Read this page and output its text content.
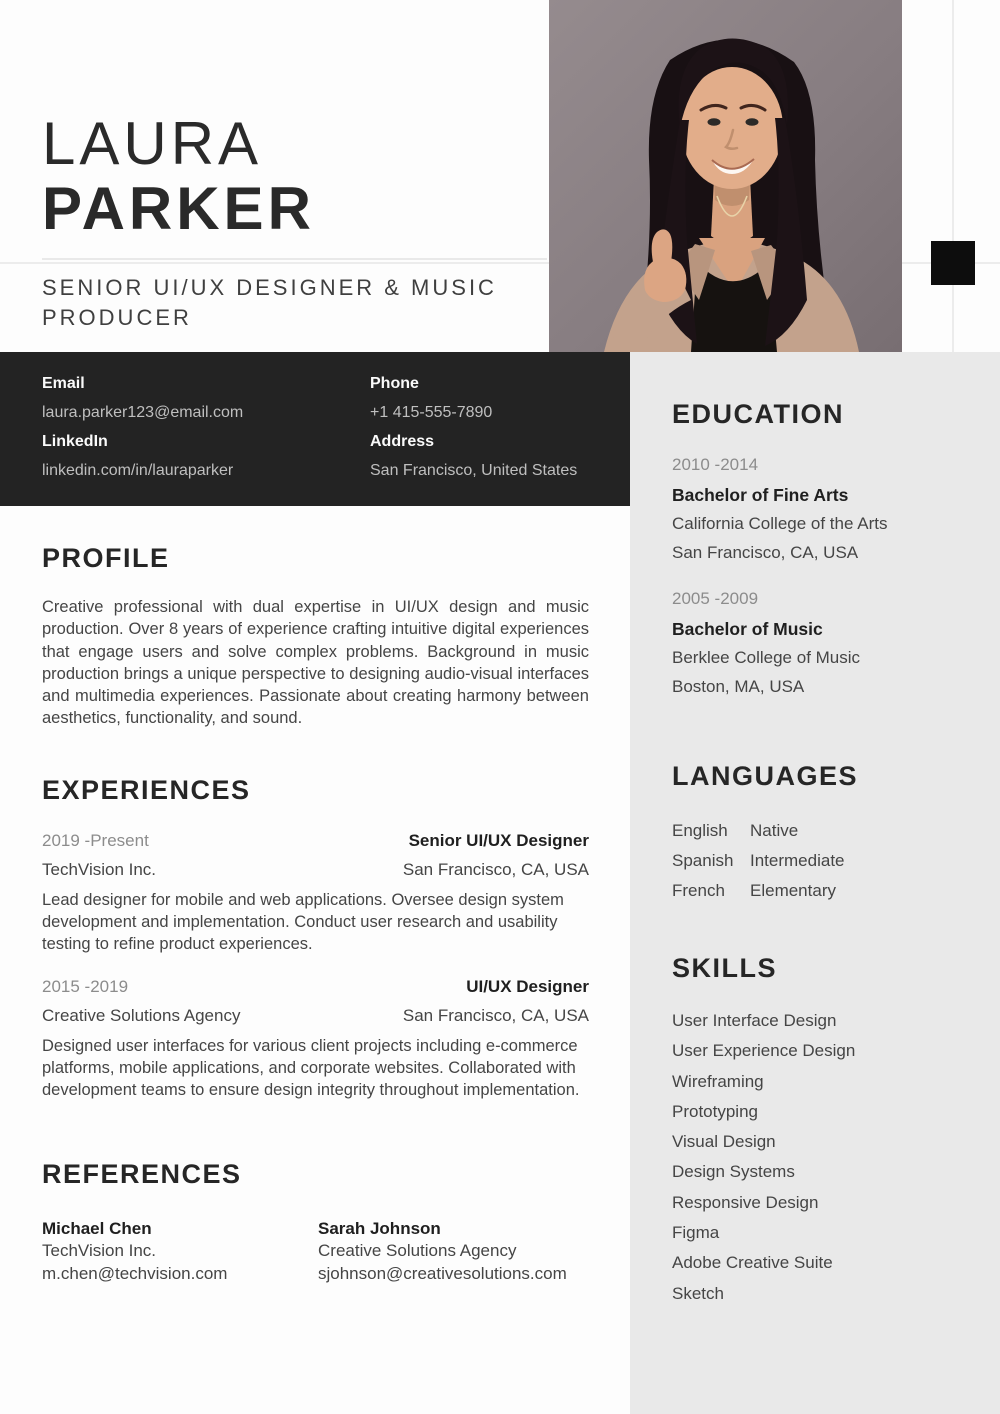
LAURA
PARKER
SENIOR UI/UX DESIGNER & MUSIC PRODUCER
Email
laura.parker123@email.com
Phone
+1 415-555-7890
LinkedIn
linkedin.com/in/lauraparker
Address
San Francisco, United States
PROFILE

Creative professional with dual expertise in UI/UX design and music production. Over 8 years of experience crafting intuitive digital experiences that engage users and solve complex problems. Background in music production brings a unique perspective to designing audio-visual interfaces and multimedia experiences. Passionate about creating harmony between aesthetics, functionality, and sound.

EXPERIENCES
2019 -Present	Senior UI/UX Designer
TechVision Inc.	San Francisco, CA, USA

Lead designer for mobile and web applications. Oversee design system development and implementation. Conduct user research and usability testing to refine product experiences.

2015 -2019	UI/UX Designer
Creative Solutions Agency	San Francisco, CA, USA

Designed user interfaces for various client projects including e-commerce platforms, mobile applications, and corporate websites. Collaborated with development teams to ensure design integrity throughout implementation.

REFERENCES
Michael Chen
TechVision Inc.
m.chen@techvision.com
Sarah Johnson
Creative Solutions Agency
sjohnson@creativesolutions.com
EDUCATION
2010 -2014
Bachelor of Fine Arts
California College of the Arts
San Francisco, CA, USA
2005 -2009
Bachelor of Music
Berklee College of Music
Boston, MA, USA
LANGUAGES
English	Native
Spanish Intermediate
French	Elementary
SKILLS
User Interface Design
User Experience Design
Wireframing
Prototyping
Visual Design
Design Systems
Responsive Design
Figma
Adobe Creative Suite
Sketch
